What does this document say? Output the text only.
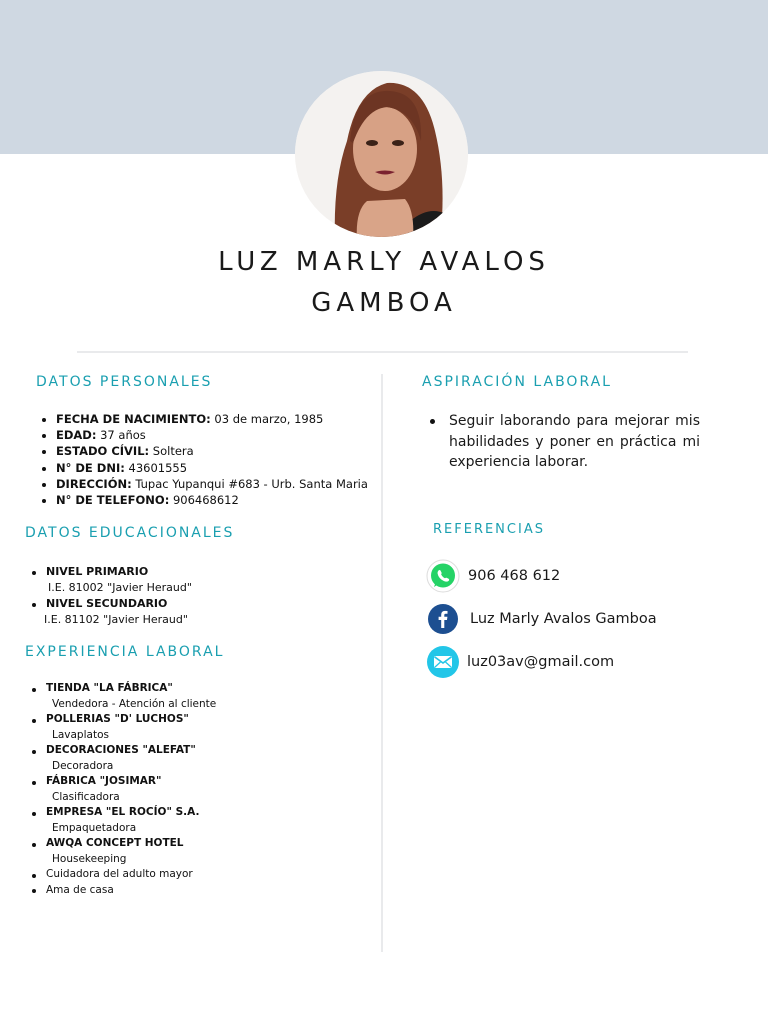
LUZ MARLY AVALOS
GAMBOA
DATOS PERSONALES
FECHA DE NACIMIENTO: 03 de marzo, 1985
EDAD: 37 años
ESTADO CÍVIL: Soltera
N° DE DNI: 43601555
DIRECCIÓN: Tupac Yupanqui #683 - Urb. Santa Maria
N° DE TELEFONO: 906468612
DATOS EDUCACIONALES
NIVEL PRIMARIO
I.E. 81002 "Javier Heraud"
NIVEL SECUNDARIO
I.E. 81102 "Javier Heraud"
EXPERIENCIA LABORAL
TIENDA "LA FÁBRICA"
Vendedora - Atención al cliente
POLLERIAS "D' LUCHOS"
Lavaplatos
DECORACIONES "ALEFAT"
Decoradora
FÁBRICA "JOSIMAR"
Clasificadora
EMPRESA "EL ROCÍO" S.A.
Empaquetadora
AWQA CONCEPT HOTEL
Housekeeping
Cuidadora del adulto mayor
Ama de casa
ASPIRACIÓN LABORAL
Seguir laborando para mejorar mis habilidades y poner en práctica mi experiencia laborar.
REFERENCIAS
906 468 612
Luz Marly Avalos Gamboa
luz03av@gmail.com
